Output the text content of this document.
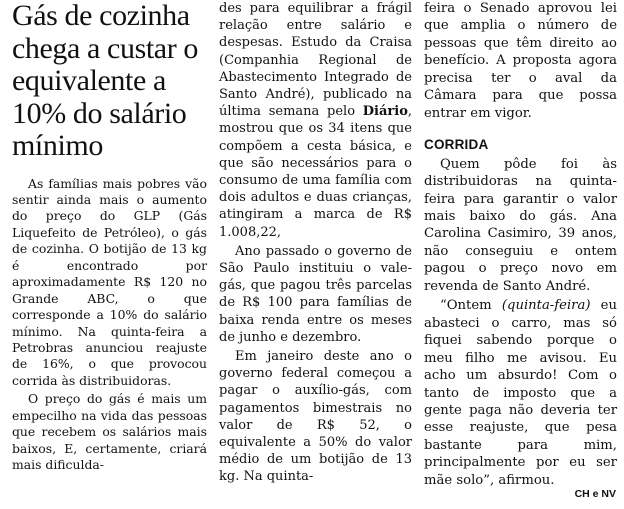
Gás de cozinha chega a custar o equivalente a 10% do salário mínimo

As famílias mais pobres vão sentir ainda mais o aumento do preço do GLP (Gás Liquefeito de Petróleo), o gás de cozinha. O botijão de 13 kg é encontrado por aproximadamente R$ 120 no Grande ABC, o que corresponde a 10% do salário mínimo. Na quinta-feira a Petrobras anunciou reajuste de 16%, o que provocou corrida às distribuidoras.

O preço do gás é mais um empecilho na vida das pessoas que recebem os salários mais baixos, E, certamente, criará mais dificulda-

des para equilibrar a frágil relação entre salário e despesas. Estudo da Craisa (Companhia Regional de Abastecimento Integrado de Santo André), publicado na última semana pelo Diário, mostrou que os 34 itens que compõem a cesta básica, e que são necessários para o consumo de uma família com dois adultos e duas crianças, atingiram a marca de R$ 1.008,22,

Ano passado o governo de São Paulo instituiu o vale-gás, que pagou três parcelas de R$ 100 para famílias de baixa renda entre os meses de junho e dezembro.

Em janeiro deste ano o governo federal começou a pagar o auxílio-gás, com pagamentos bimestrais no valor de R$ 52, o equivalente a 50% do valor médio de um botijão de 13 kg. Na quinta-

feira o Senado aprovou lei que amplia o número de pessoas que têm direito ao benefício. A proposta agora precisa ter o aval da Câmara para que possa entrar em vigor.

CORRIDA

Quem pôde foi às distribuidoras na quinta-feira para garantir o valor mais baixo do gás. Ana Carolina Casimiro, 39 anos, não conseguiu e ontem pagou o preço novo em revenda de Santo André.

“Ontem (quinta-feira) eu abasteci o carro, mas só fiquei sabendo porque o meu filho me avisou. Eu acho um absurdo! Com o tanto de imposto que a gente paga não deveria ter esse reajuste, que pesa bastante para mim, principalmente por eu ser mãe solo”, afirmou.

CH e NV
